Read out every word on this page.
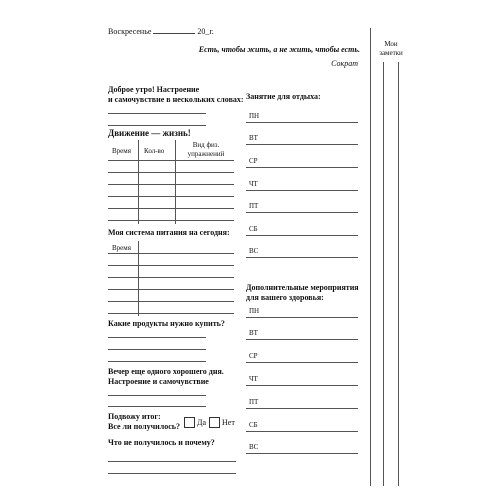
Воскресенье	20_г.
Есть, чтобы жить, а не жить, чтобы есть.
Сократ
Мои
заметки
Доброе утро! Настроение
и самочувствие в нескольких словах:
Движение — жизнь!
Время Кол-во
Вид физ.
упражнений
Моя система питания на сегодня:
Время
Какие продукты нужно купить?
Вечер еще одного хорошего дня.
Настроение и самочувствие
Подвожу итог:
Все ли получилось? Да Нет
Что не получилось и почему?
Занятие для отдыха:
ПН
ВТ
СР
ЧТ
ПТ
СБ
ВС
Дополнительные мероприятия
для вашего здоровья:
ПН
ВТ
СР
ЧТ
ПТ
СБ
ВС
